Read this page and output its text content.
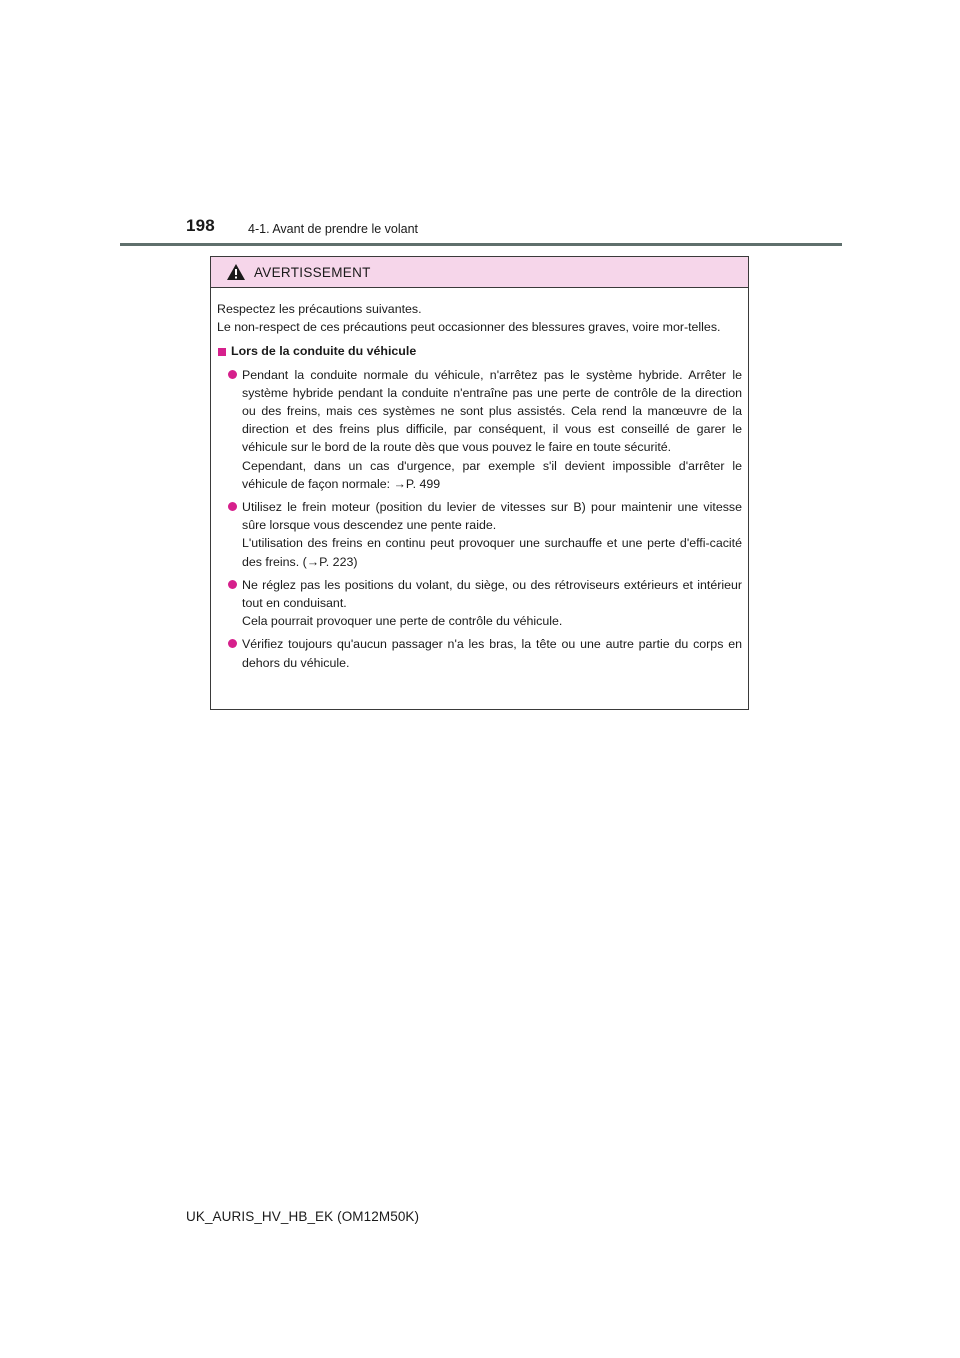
198	4-1. Avant de prendre le volant
AVERTISSEMENT

Respectez les précautions suivantes.

Le non-respect de ces précautions peut occasionner des blessures graves, voire mor-telles.

Lors de la conduite du véhicule

Pendant la conduite normale du véhicule, n'arrêtez pas le système hybride. Arrêter le système hybride pendant la conduite n'entraîne pas une perte de contrôle de la direction ou des freins, mais ces systèmes ne sont plus assistés. Cela rend la manœuvre de la direction et des freins plus difficile, par conséquent, il vous est conseillé de garer le véhicule sur le bord de la route dès que vous pouvez le faire en toute sécurité.

Cependant, dans un cas d'urgence, par exemple s'il devient impossible d'arrêter le véhicule de façon normale: →P. 499

Utilisez le frein moteur (position du levier de vitesses sur B) pour maintenir une vitesse sûre lorsque vous descendez une pente raide.

L'utilisation des freins en continu peut provoquer une surchauffe et une perte d'effi-cacité des freins. (→P. 223)

Ne réglez pas les positions du volant, du siège, ou des rétroviseurs extérieurs et intérieur tout en conduisant.

Cela pourrait provoquer une perte de contrôle du véhicule.

Vérifiez toujours qu'aucun passager n'a les bras, la tête ou une autre partie du corps en dehors du véhicule.

UK_AURIS_HV_HB_EK (OM12M50K)
